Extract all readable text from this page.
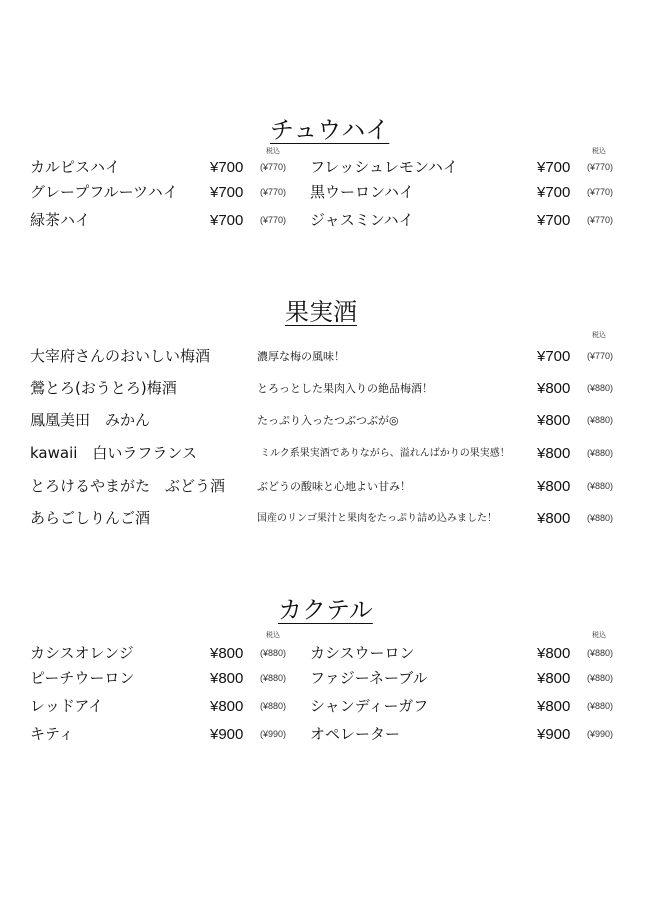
チュウハイ
税込	税込
カルピスハイ	¥700 (¥770) フレッシュレモンハイ	¥700 (¥770)
グレープフルーツハイ ¥700 (¥770) 黒ウーロンハイ	¥700 (¥770)
緑茶ハイ	¥700 (¥770) ジャスミンハイ	¥700 (¥770)
果実酒
税込
大宰府さんのおいしい梅酒	濃厚な梅の風味！	¥700 (¥770)
鶯とろ(おうとろ)梅酒	とろっとした果肉入りの絶品梅酒！	¥800 (¥880)
鳳凰美田　みかん	たっぷり入ったつぶつぶが◎	¥800 (¥880)
kawaii　白いラフランス	ミルク系果実酒でありながら、溢れんばかりの果実感！ ¥800 (¥880)
とろけるやまがた　ぶどう酒	ぶどうの酸味と心地よい甘み！	¥800 (¥880)
あらごしりんご酒	国産のリンゴ果汁と果肉をたっぷり詰め込みました！	¥800 (¥880)
カクテル
税込	税込
カシスオレンジ	¥800 (¥880) カシスウーロン	¥800 (¥880)
ピーチウーロン	¥800 (¥880) ファジーネーブル	¥800 (¥880)
レッドアイ	¥800 (¥880) シャンディーガフ	¥800 (¥880)
キティ	¥900 (¥990) オペレーター	¥900 (¥990)
